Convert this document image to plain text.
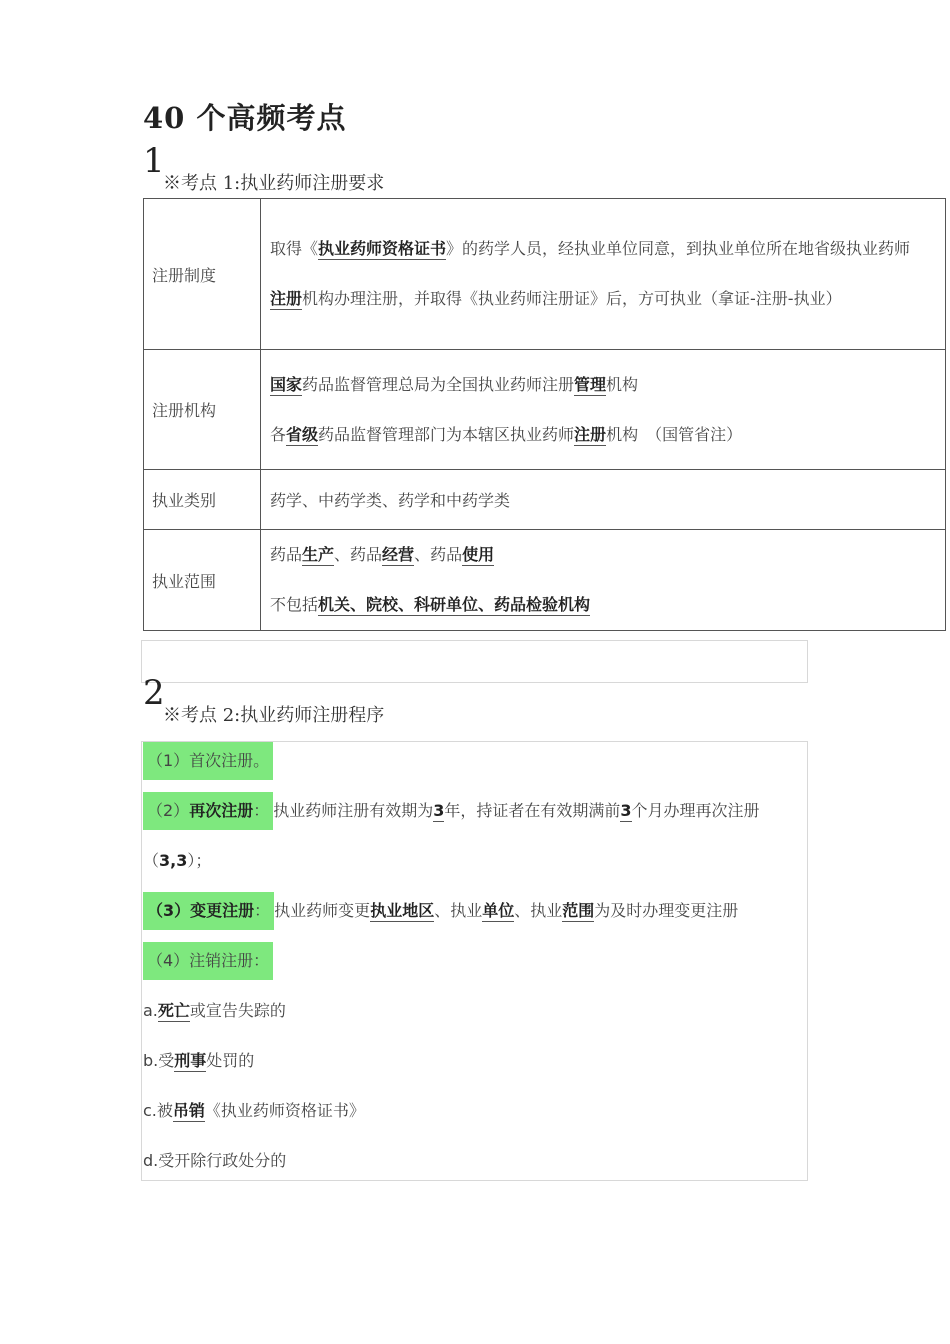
40 个高频考点
1
※考点 1:执业药师注册要求
注册制度	取得《执业药师资格证书》的药学人员，经执业单位同意，到执业单位所在地省级执业药师
注册机构办理注册，并取得《执业药师注册证》后，方可执业（拿证-注册-执业）

注册机构	国家药品监督管理总局为全国执业药师注册管理机构
各省级药品监督管理部门为本辖区执业药师注册机构　（国管省注）

执业类别	药学、中药学类、药学和中药学类
执业范围	药品生产、药品经营、药品使用
不包括机关、院校、科研单位、药品检验机构
2
※考点 2:执业药师注册程序
（1）首次注册。
（2）再次注册： 执业药师注册有效期为3年，持证者在有效期满前3个月办理再次注册
（3,3）；
（3）变更注册： 执业药师变更执业地区、执业单位、执业范围为及时办理变更注册
（4）注销注册：
a.死亡或宣告失踪的
b.受刑事处罚的
c.被吊销《执业药师资格证书》
d.受开除行政处分的
